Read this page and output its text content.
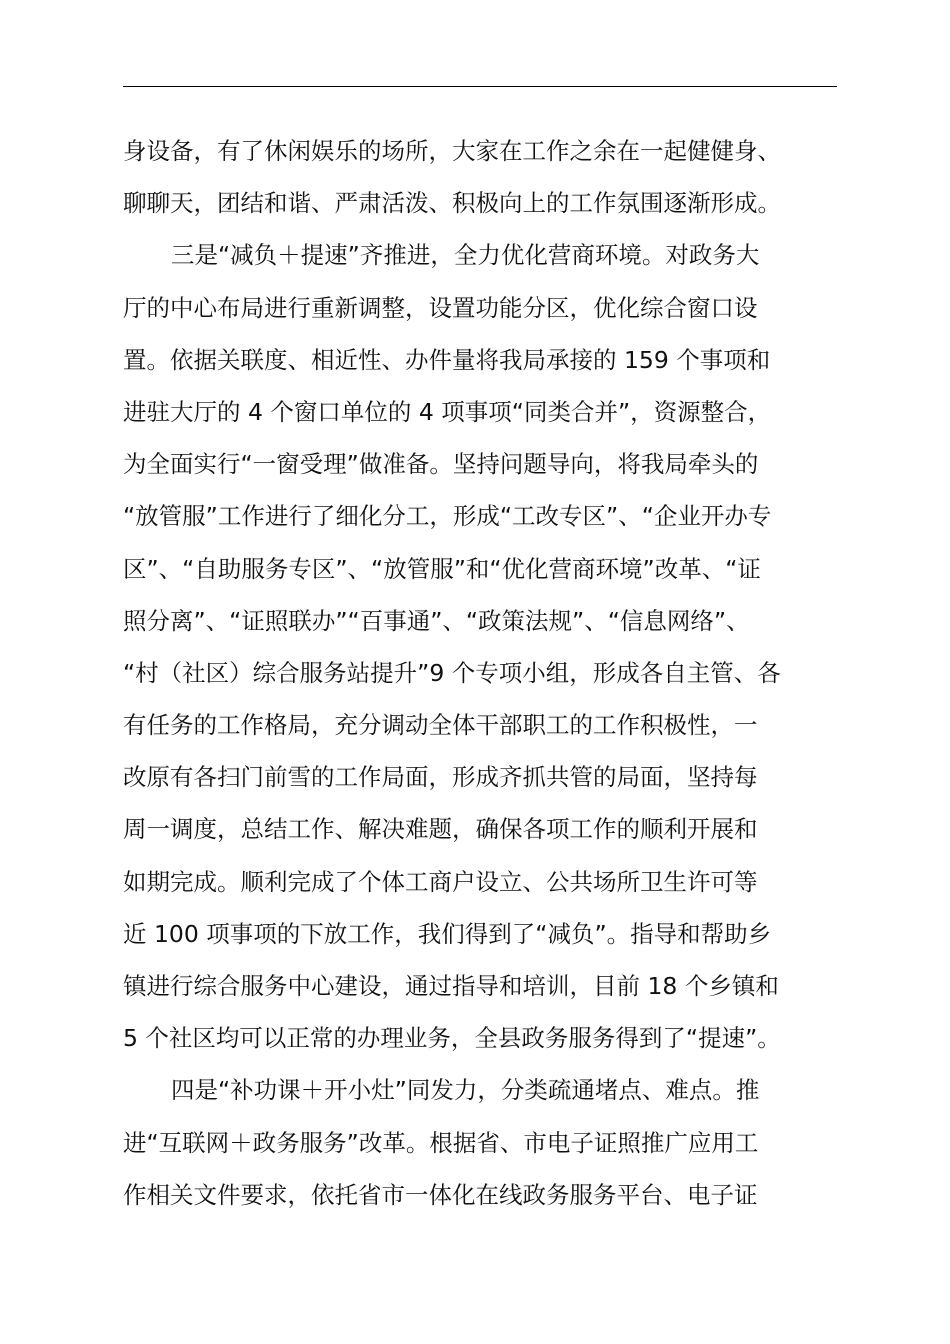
身设备，有了休闲娱乐的场所，大家在工作之余在一起健健身、
聊聊天，团结和谐、严肃活泼、积极向上的工作氛围逐渐形成。
三是“减负＋提速”齐推进，全力优化营商环境。对政务大
厅的中心布局进行重新调整，设置功能分区，优化综合窗口设
置。依据关联度、相近性、办件量将我局承接的 159 个事项和
进驻大厅的 4 个窗口单位的 4 项事项“同类合并”，资源整合，
为全面实行“一窗受理”做准备。坚持问题导向，将我局牵头的
“放管服”工作进行了细化分工，形成“工改专区”、“企业开办专
区”、“自助服务专区”、“放管服”和“优化营商环境”改革、“证
照分离”、“证照联办”“百事通”、“政策法规”、“信息网络”、
“村（社区）综合服务站提升”9 个专项小组，形成各自主管、各
有任务的工作格局，充分调动全体干部职工的工作积极性，一
改原有各扫门前雪的工作局面，形成齐抓共管的局面，坚持每
周一调度，总结工作、解决难题，确保各项工作的顺利开展和
如期完成。顺利完成了个体工商户设立、公共场所卫生许可等
近 100 项事项的下放工作，我们得到了“减负”。指导和帮助乡
镇进行综合服务中心建设，通过指导和培训，目前 18 个乡镇和
5 个社区均可以正常的办理业务，全县政务服务得到了“提速”。
四是“补功课＋开小灶”同发力，分类疏通堵点、难点。推
进“互联网＋政务服务”改革。根据省、市电子证照推广应用工
作相关文件要求，依托省市一体化在线政务服务平台、电子证
